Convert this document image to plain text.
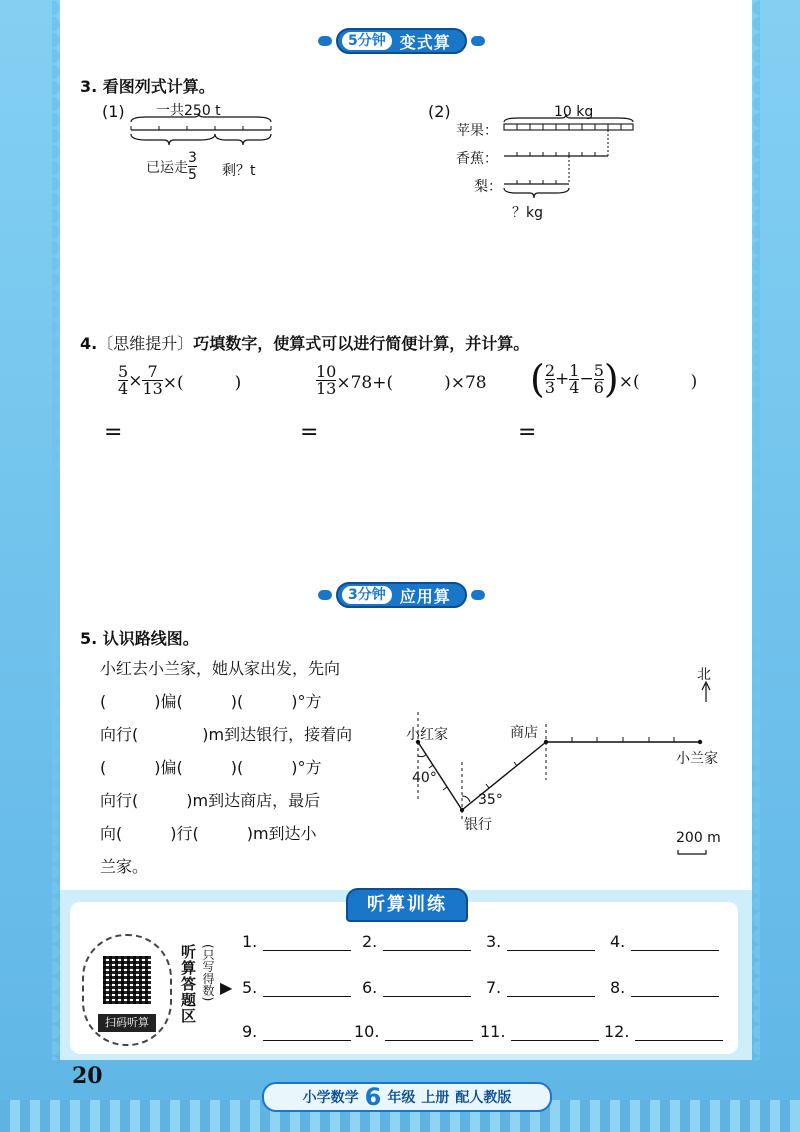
5分钟 变式算
3. 看图列式计算。
(1) 一共250 t
已运走 $\frac{3}{5}$ 剩？t
(2)	10 kg
苹果：
香蕉：
梨：
？kg
4.〔思维提升〕巧填数字，使算式可以进行简便计算，并计算。
$\frac{5}{4} \times \frac{7}{13}$ ×(　　　)	$\frac{10}{13} \times 78+$(　　　)×78 ( $\frac{2}{3} + \frac{1}{4} - \frac{5}{6}$ ) ×(　　　)
=	=	=
3分钟 应用算
5. 认识路线图。
小红去小兰家，她从家出发，先向
(　　　)偏(　　　)(　　　)°方
向行(　　　　)m到达银行，接着向
(　　　)偏(　　　)(　　　)°方
向行(　　　)m到达商店，最后
向(　　　)行(　　　)m到达小
兰家。
北
小红家	商店
小兰家
银行
40°
35°
200 m
听算训练
扫码听算	听算答题区 (只写得数) ▶
1.	2.	3.	4.
5.	6.	7.	8.
9.	10.	11.	12.
20
小学数学 6 年级 上册 配人教版
